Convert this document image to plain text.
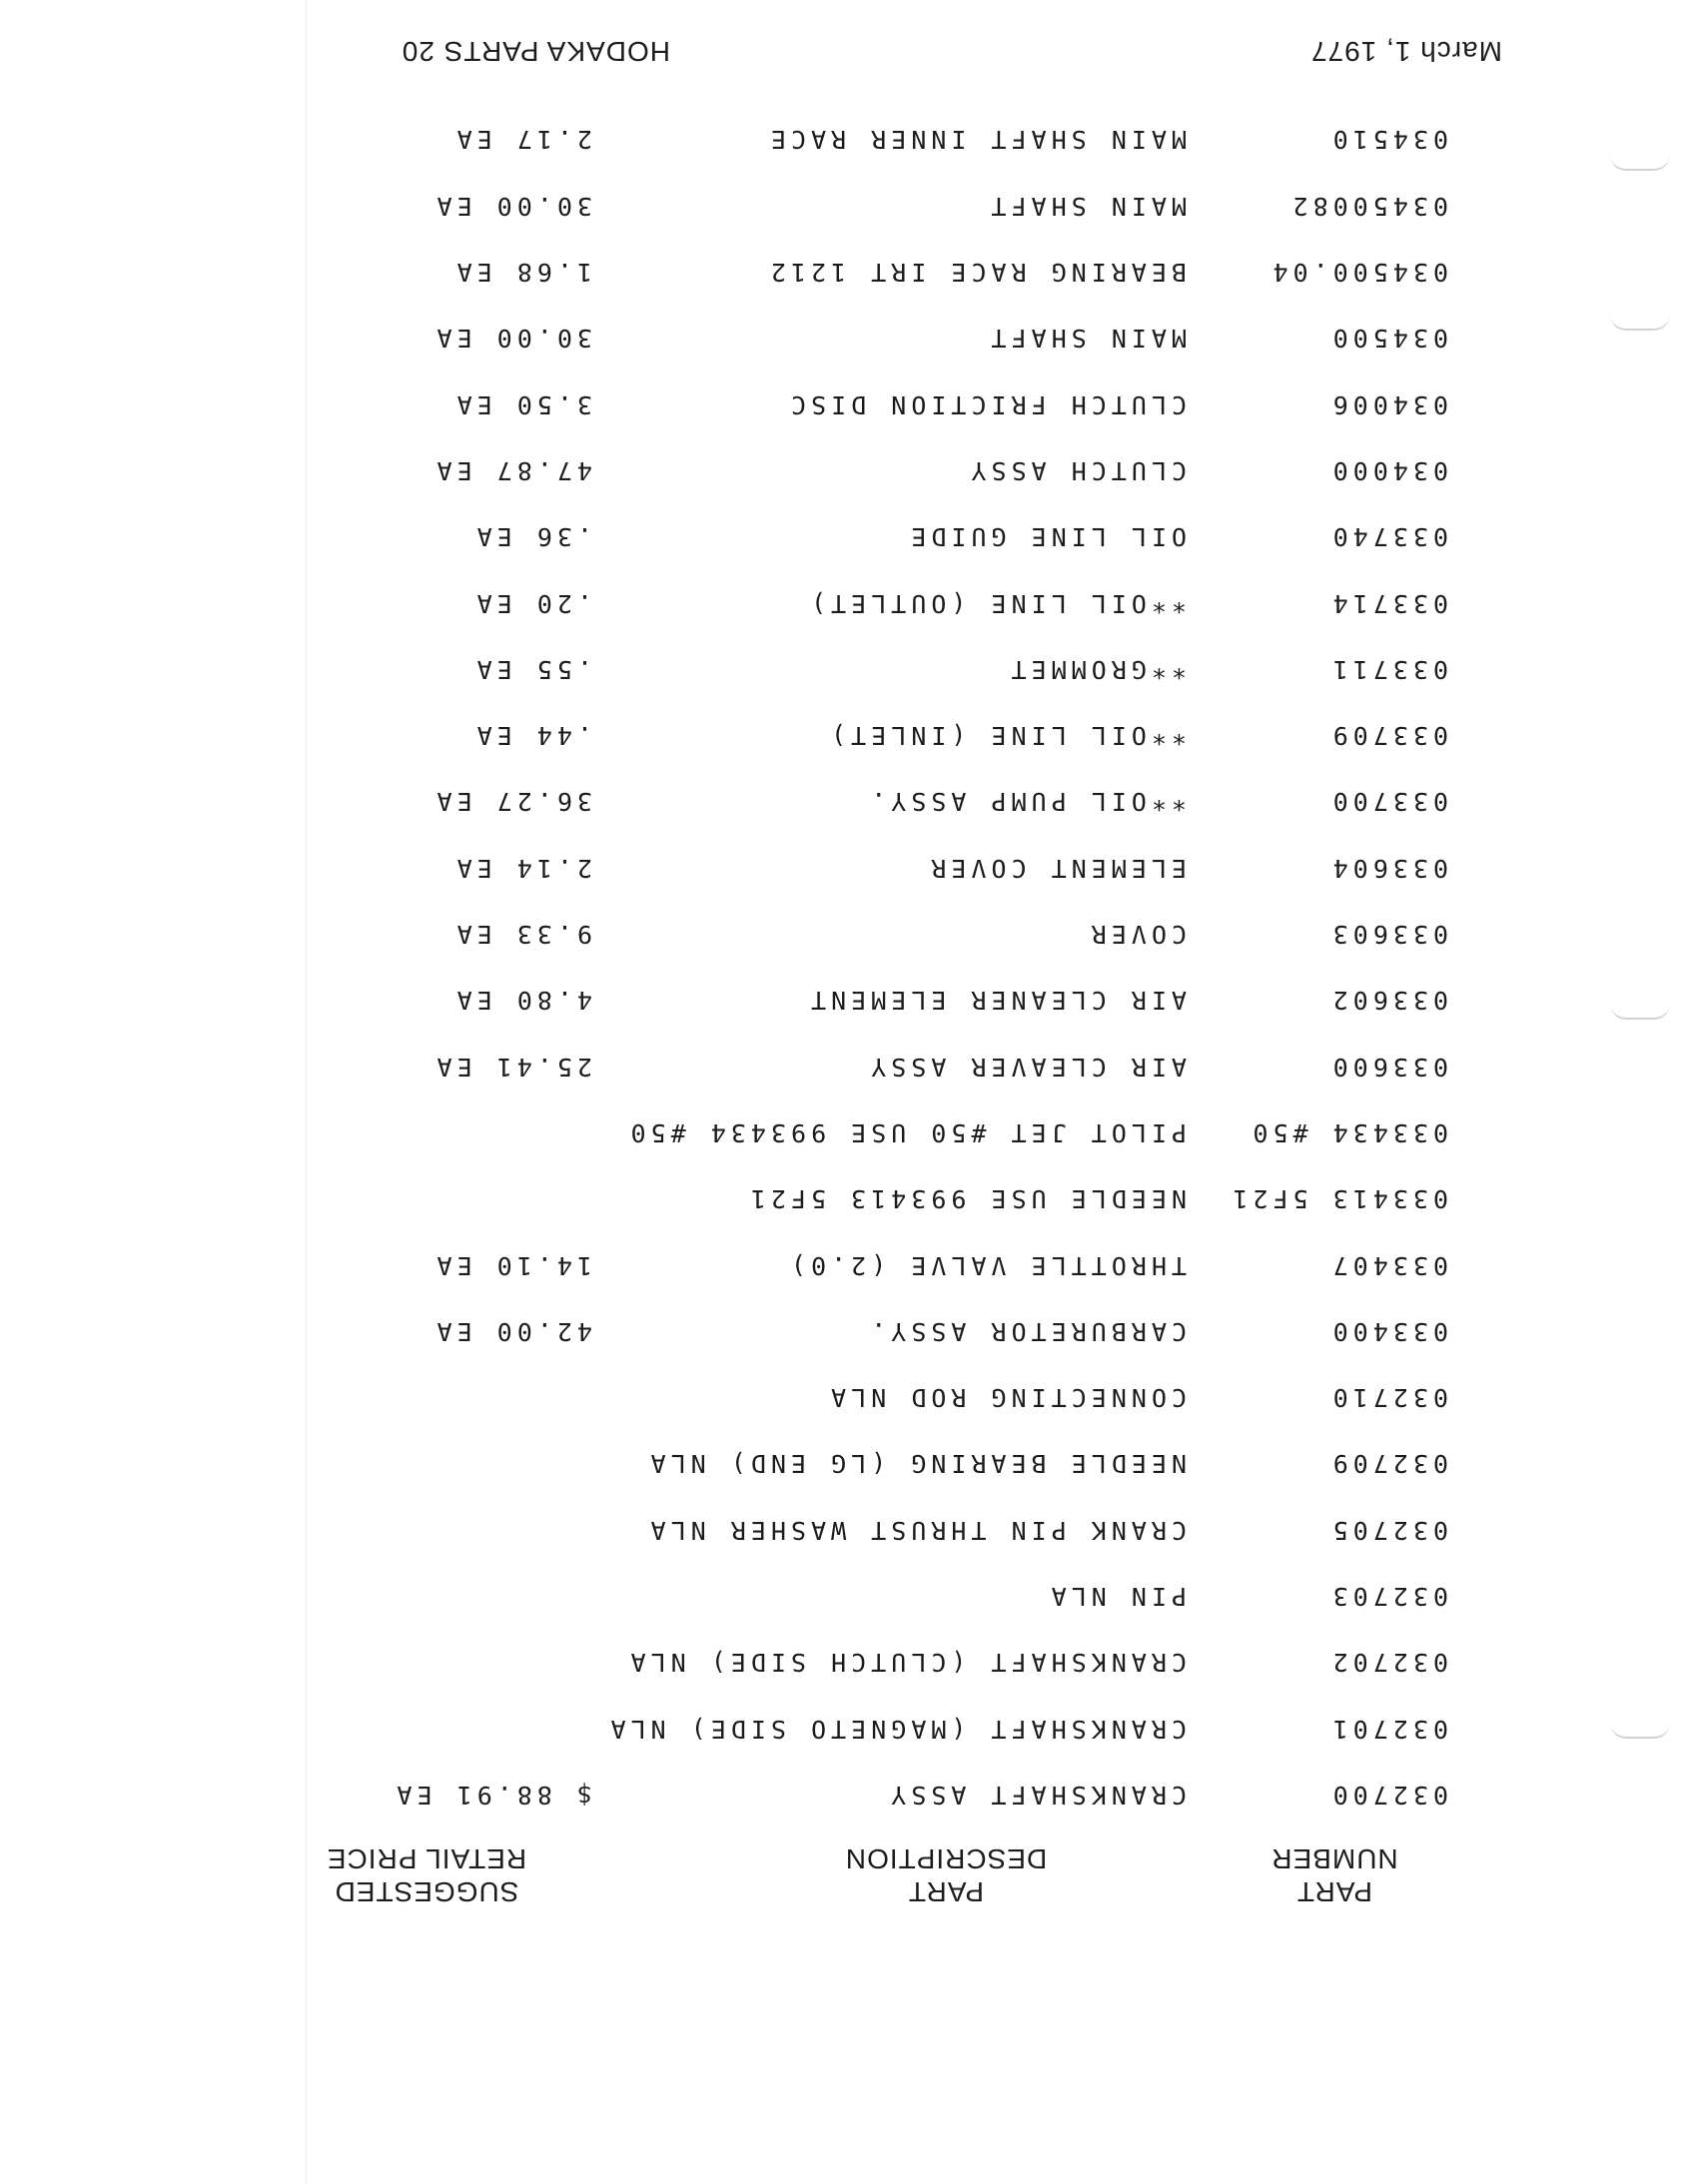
March 1, 1977
HODAKA PARTS 20
PART
NUMBER
PART
DESCRIPTION
SUGGESTED
RETAIL PRICE
032700
CRANKSHAFT ASSY
$ 88.91 EA
032701
CRANKSHAFT (MAGNETO SIDE) NLA
032702
CRANKSHAFT (CLUTCH SIDE) NLA
032703
PIN NLA
032705
CRANK PIN THRUST WASHER NLA
032709
NEEDLE BEARING (LG END) NLA
032710
CONNECTING ROD NLA
033400
CARBURETOR ASSY.
42.00 EA
033407
THROTTLE VALVE (2.0)
14.10 EA
033413 5F21
NEEDLE USE 993413 5F21
033434 #50
PILOT JET #50 USE 993434 #50
033600
AIR CLEAVER ASSY
25.41 EA
033602
AIR CLEANER ELEMENT
4.80 EA
033603
COVER
9.33 EA
033604
ELEMENT COVER
2.14 EA
033700
**OIL PUMP ASSY.
36.27 EA
033709
**OIL LINE (INLET)
.44 EA
033711
**GROMMET
.55 EA
033714
**OIL LINE (OUTLET)
.20 EA
033740
OIL LINE GUIDE
.36 EA
034000
CLUTCH ASSY
47.87 EA
034006
CLUTCH FRICTION DISC
3.50 EA
034500
MAIN SHAFT
30.00 EA
034500.04
BEARING RACE IRT 1212
1.68 EA
03450082
MAIN SHAFT
30.00 EA
034510
MAIN SHAFT INNER RACE
2.17 EA
